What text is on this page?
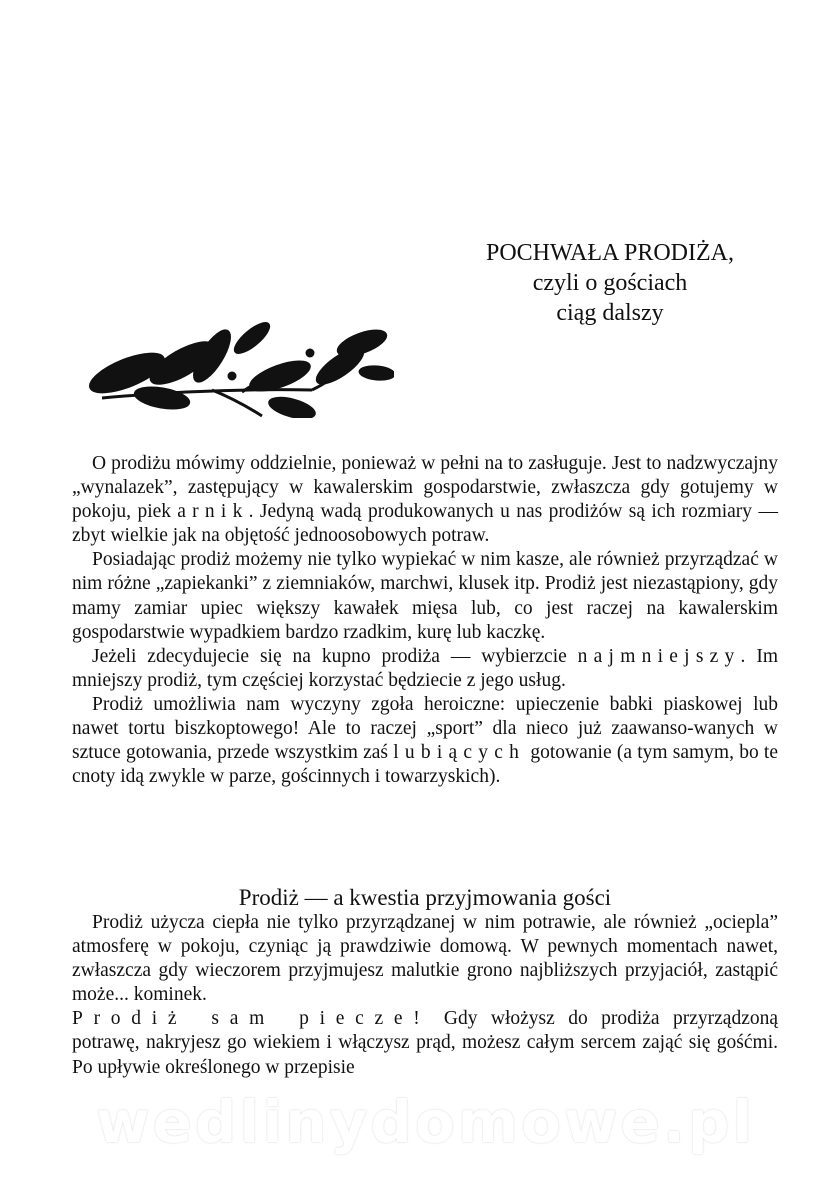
POCHWAŁA PRODIŻA,
czyli o gościach
ciąg dalszy

O prodiżu mówimy oddzielnie, ponieważ w pełni na to zasługuje. Jest to nadzwyczajny „wynalazek”, zastępujący w kawalerskim gospodarstwie, zwłaszcza gdy gotujemy w pokoju, piekarnik. Jedyną wadą produkowanych u nas prodiżów są ich rozmiary — zbyt wielkie jak na objętość jednoosobowych potraw.

Posiadając prodiż możemy nie tylko wypiekać w nim kasze, ale również przyrządzać w nim różne „zapiekanki” z ziemniaków, marchwi, klusek itp. Prodiż jest niezastąpiony, gdy mamy zamiar upiec większy kawałek mięsa lub, co jest raczej na kawalerskim gospodarstwie wypadkiem bardzo rzadkim, kurę lub kaczkę.

Jeżeli zdecydujecie się na kupno prodiża — wybierzcie najmniejszy. Im mniejszy prodiż, tym częściej korzystać będziecie z jego usług.

Prodiż umożliwia nam wyczyny zgoła heroiczne: upieczenie babki piaskowej lub nawet tortu biszkoptowego! Ale to raczej „sport” dla nieco już zaawanso-wanych w sztuce gotowania, przede wszystkim zaś lubiących gotowanie (a tym samym, bo te cnoty idą zwykle w parze, gościnnych i towarzyskich).

Prodiż — a kwestia przyjmowania gości

Prodiż użycza ciepła nie tylko przyrządzanej w nim potrawie, ale również „ocieplа” atmosferę w pokoju, czyniąc ją prawdziwie domową. W pewnych momentach nawet, zwłaszcza gdy wieczorem przyjmujesz malutkie grono najbliższych przyjaciół, zastąpić może... kominek.

Prodiż sam piecze! Gdy włożysz do prodiża przyrządzoną potrawę, nakryjesz go wiekiem i włączysz prąd, możesz całym sercem zająć się gośćmi. Po upływie określonego w przepisie

wedlinydomowe.pl
